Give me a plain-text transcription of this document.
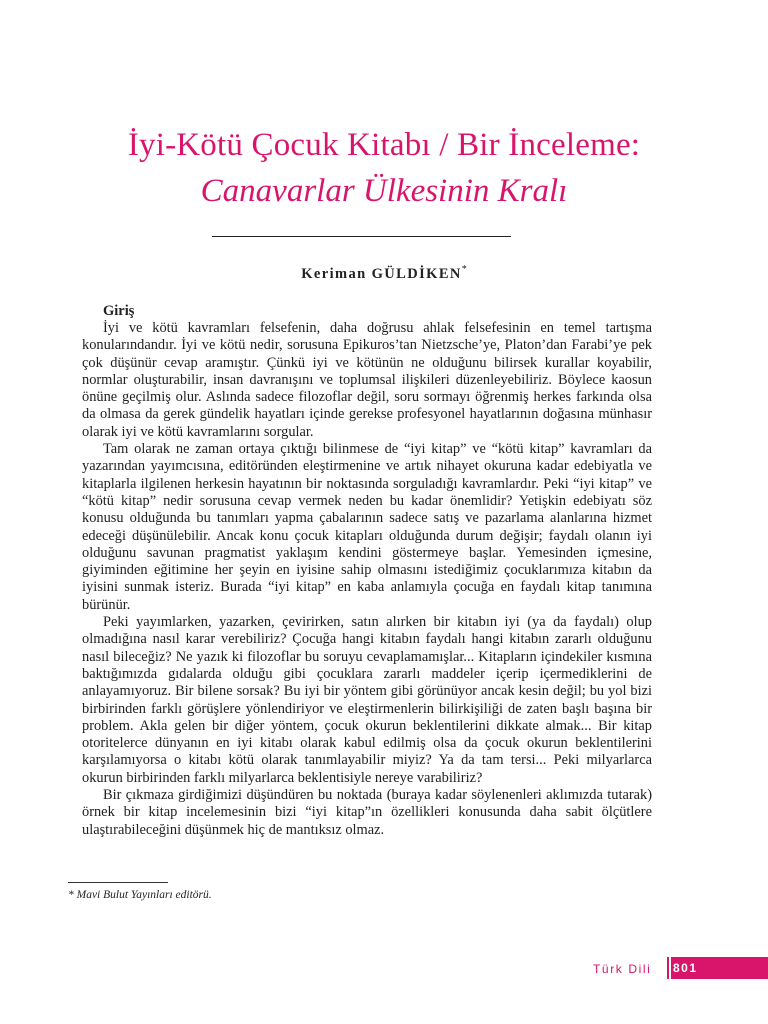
İyi-Kötü Çocuk Kitabı / Bir İnceleme:
Canavarlar Ülkesinin Kralı
Keriman GÜLDİKEN*
Giriş

İyi ve kötü kavramları felsefenin, daha doğrusu ahlak felsefesinin en temel tartışma konularındandır. İyi ve kötü nedir, sorusuna Epikuros’tan Nietzsche’ye, Platon’dan Farabi’ye pek çok düşünür cevap aramıştır. Çünkü iyi ve kötünün ne olduğunu bilirsek kurallar koyabilir, normlar oluşturabilir, insan davranışını ve toplumsal ilişkileri düzenleyebiliriz. Böylece kaosun önüne geçilmiş olur. Aslında sadece filozoflar değil, soru sormayı öğrenmiş herkes farkında olsa da olmasa da gerek gündelik hayatları içinde gerekse profesyonel hayatlarının doğasına münhasır olarak iyi ve kötü kavramlarını sorgular.

Tam olarak ne zaman ortaya çıktığı bilinmese de “iyi kitap” ve “kötü kitap” kavramları da yazarından yayımcısına, editöründen eleştirmenine ve artık nihayet okuruna kadar edebiyatla ve kitaplarla ilgilenen herkesin hayatının bir noktasında sorguladığı kavramlardır. Peki “iyi kitap” ve “kötü kitap” nedir sorusuna cevap vermek neden bu kadar önemlidir? Yetişkin edebiyatı söz konusu olduğunda bu tanımları yapma çabalarının sadece satış ve pazarlama alanlarına hizmet edeceği düşünülebilir. Ancak konu çocuk kitapları olduğunda durum değişir; faydalı olanın iyi olduğunu savunan pragmatist yaklaşım kendini göstermeye başlar. Yemesinden içmesine, giyiminden eğitimine her şeyin en iyisine sahip olmasını istediğimiz çocuklarımıza kitabın da iyisini sunmak isteriz. Burada “iyi kitap” en kaba anlamıyla çocuğa en faydalı kitap tanımına bürünür.

Peki yayımlarken, yazarken, çevirirken, satın alırken bir kitabın iyi (ya da faydalı) olup olmadığına nasıl karar verebiliriz? Çocuğa hangi kitabın faydalı hangi kitabın zararlı olduğunu nasıl bileceğiz? Ne yazık ki filozoflar bu soruyu cevaplamamışlar... Kitapların içindekiler kısmına baktığımızda gıdalarda olduğu gibi çocuklara zararlı maddeler içerip içermediklerini de anlayamıyoruz. Bir bilene sorsak? Bu iyi bir yöntem gibi görünüyor ancak kesin değil; bu yol bizi birbirinden farklı görüşlere yönlendiriyor ve eleştirmenlerin bilirkişiliği de zaten başlı başına bir problem. Akla gelen bir diğer yöntem, çocuk okurun beklentilerini dikkate almak... Bir kitap otoritelerce dünyanın en iyi kitabı olarak kabul edilmiş olsa da çocuk okurun beklentilerini karşılamıyorsa o kitabı kötü olarak tanımlayabilir miyiz? Ya da tam tersi... Peki milyarlarca okurun birbirinden farklı milyarlarca beklentisiyle nereye varabiliriz?

Bir çıkmaza girdiğimizi düşündüren bu noktada (buraya kadar söylenenleri aklımızda tutarak) örnek bir kitap incelemesinin bizi “iyi kitap”ın özellikleri konusunda daha sabit ölçütlere ulaştırabileceğini düşünmek hiç de mantıksız olmaz.

* Mavi Bulut Yayınları editörü.
Türk Dili 801
